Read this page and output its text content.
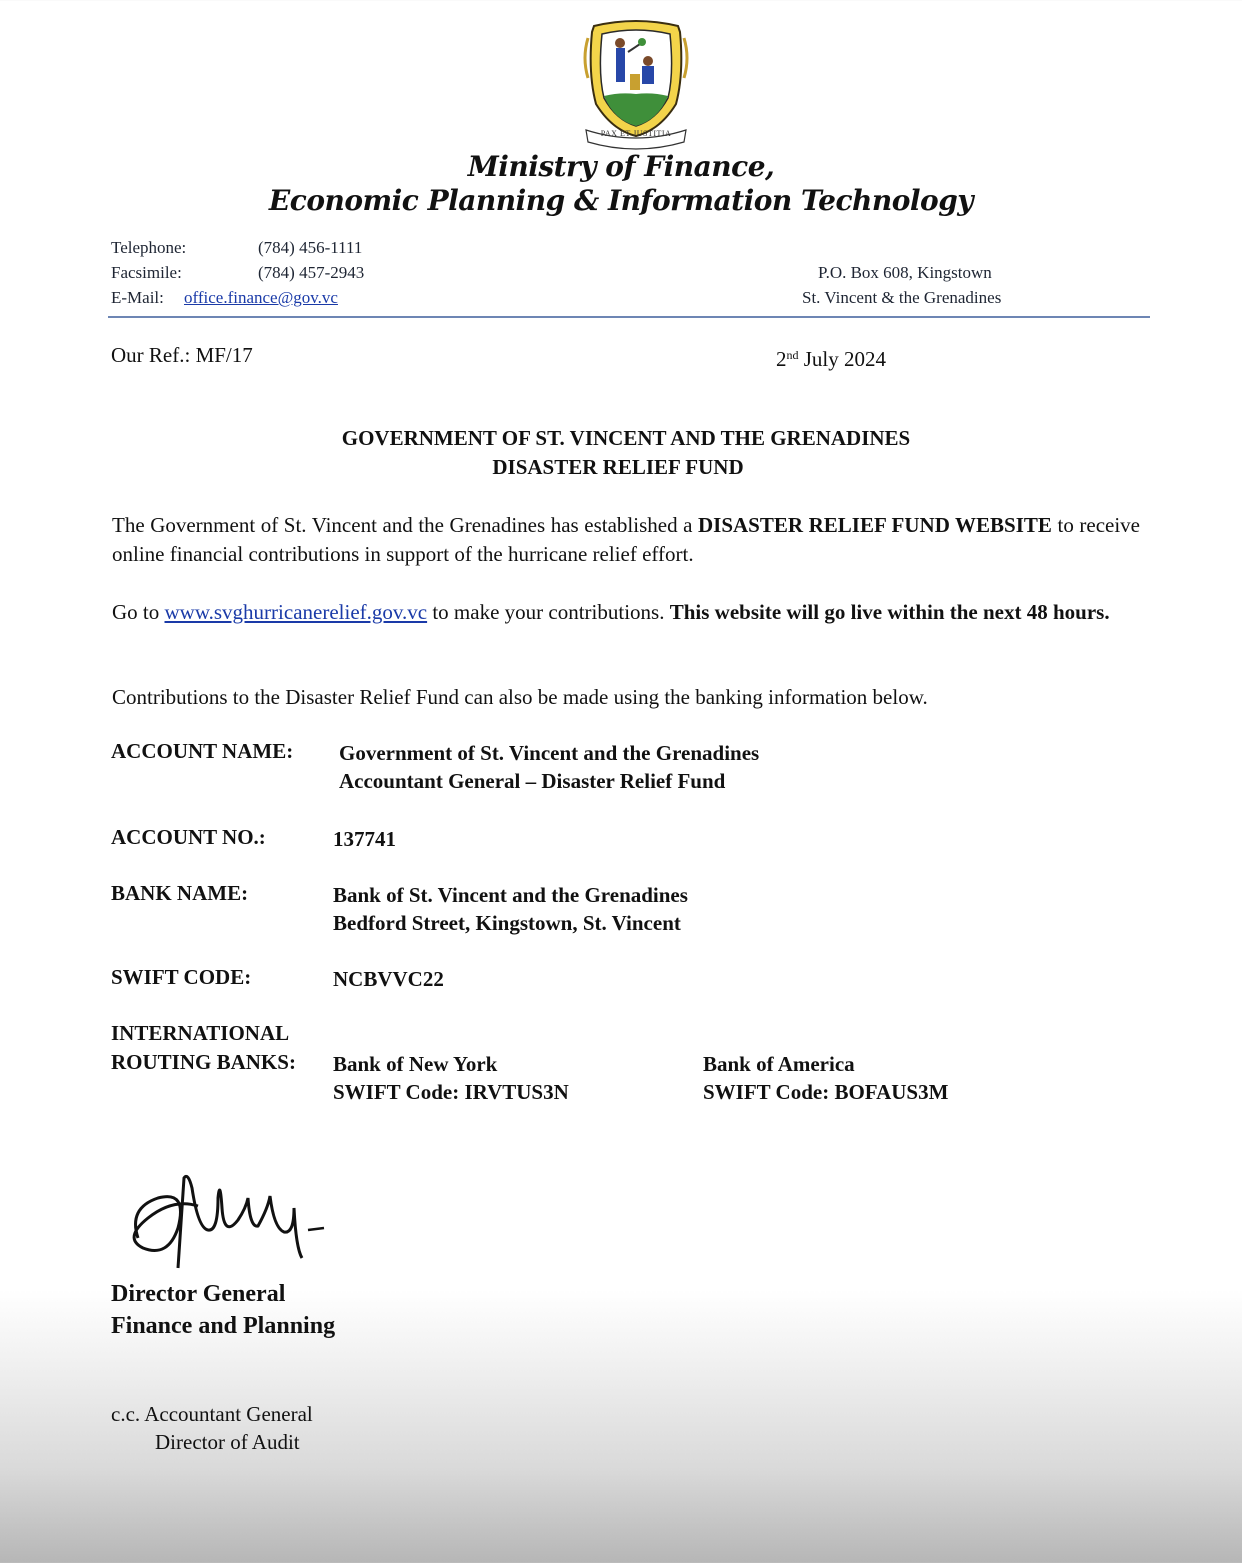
PAX ET JUSTITIA
Ministry of Finance,
Economic Planning & Information Technology
Telephone:	(784) 456-1111
Facsimile:	(784) 457-2943
E-Mail: office.finance@gov.vc
P.O. Box 608, Kingstown
St. Vincent & the Grenadines
Our Ref.: MF/17	2nd July 2024
GOVERNMENT OF ST. VINCENT AND THE GRENADINES
DISASTER RELIEF FUND
The Government of St. Vincent and the Grenadines has established a DISASTER RELIEF FUND WEBSITE to receive online financial contributions in support of the hurricane relief effort.
Go to www.svghurricanerelief.gov.vc to make your contributions. This website will go live within the next 48 hours.
Contributions to the Disaster Relief Fund can also be made using the banking information below.
ACCOUNT NAME: Government of St. Vincent and the Grenadines
Accountant General – Disaster Relief Fund
ACCOUNT NO.:	137741
BANK NAME:	Bank of St. Vincent and the Grenadines
Bedford Street, Kingstown, St. Vincent
SWIFT CODE:	NCBVVC22
INTERNATIONAL
ROUTING BANKS: Bank of New York
SWIFT Code: IRVTUS3N
Bank of America
SWIFT Code: BOFAUS3M
Director General
Finance and Planning
c.c. Accountant General
Director of Audit
